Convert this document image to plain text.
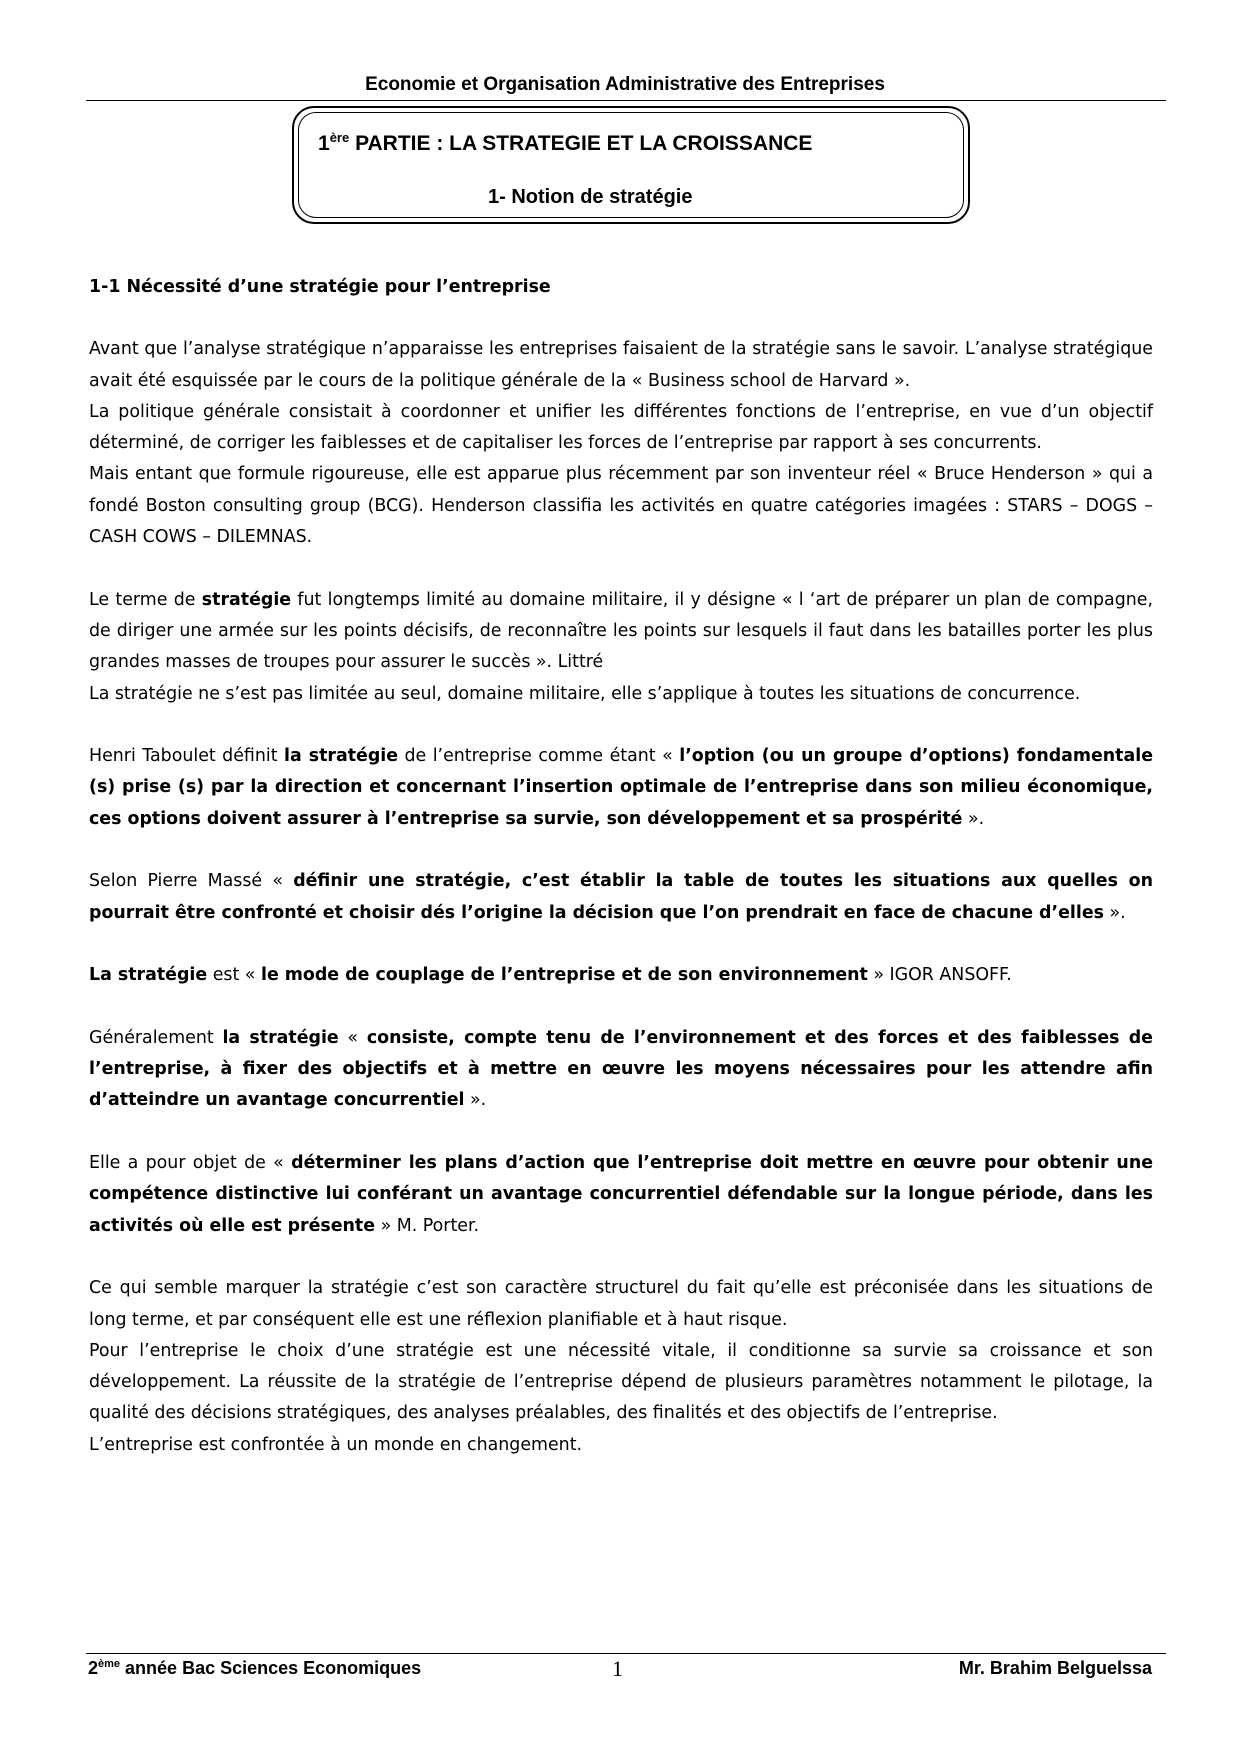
Economie et Organisation Administrative des Entreprises
1ère PARTIE : LA STRATEGIE ET LA CROISSANCE
1- Notion de stratégie
1-1 Nécessité d’une stratégie pour l’entreprise

Avant que l’analyse stratégique n’apparaisse les entreprises faisaient de la stratégie sans le savoir. L’analyse stratégique avait été esquissée par le cours de la politique générale de la « Business school de Harvard ».

La politique générale consistait à coordonner et unifier les différentes fonctions de l’entreprise, en vue d’un objectif déterminé, de corriger les faiblesses et de capitaliser les forces de l’entreprise par rapport à ses concurrents.

Mais entant que formule rigoureuse, elle est apparue plus récemment par son inventeur réel « Bruce Henderson » qui a fondé Boston consulting group (BCG). Henderson classifia les activités en quatre catégories imagées : STARS – DOGS – CASH COWS – DILEMNAS.

Le terme de stratégie fut longtemps limité au domaine militaire, il y désigne « l ‘art de préparer un plan de compagne, de diriger une armée sur les points décisifs, de reconnaître les points sur lesquels il faut dans les batailles porter les plus grandes masses de troupes pour assurer le succès ». Littré

La stratégie ne s’est pas limitée au seul, domaine militaire, elle s’applique à toutes les situations de concurrence.

Henri Taboulet définit la stratégie de l’entreprise comme étant « l’option (ou un groupe d’options) fondamentale (s) prise (s) par la direction et concernant l’insertion optimale de l’entreprise dans son milieu économique, ces options doivent assurer à l’entreprise sa survie, son développement et sa prospérité ».

Selon Pierre Massé « définir une stratégie, c’est établir la table de toutes les situations aux quelles on pourrait être confronté et choisir dés l’origine la décision que l’on prendrait en face de chacune d’elles ».

La stratégie est « le mode de couplage de l’entreprise et de son environnement » IGOR ANSOFF.

Généralement la stratégie « consiste, compte tenu de l’environnement et des forces et des faiblesses de l’entreprise, à fixer des objectifs et à mettre en œuvre les moyens nécessaires pour les attendre afin d’atteindre un avantage concurrentiel ».

Elle a pour objet de « déterminer les plans d’action que l’entreprise doit mettre en œuvre pour obtenir une compétence distinctive lui conférant un avantage concurrentiel défendable sur la longue période, dans les activités où elle est présente » M. Porter.

Ce qui semble marquer la stratégie c’est son caractère structurel du fait qu’elle est préconisée dans les situations de long terme, et par conséquent elle est une réflexion planifiable et à haut risque.

Pour l’entreprise le choix d’une stratégie est une nécessité vitale, il conditionne sa survie sa croissance et son développement. La réussite de la stratégie de l’entreprise dépend de plusieurs paramètres notamment le pilotage, la qualité des décisions stratégiques, des analyses préalables, des finalités et des objectifs de l’entreprise.

L’entreprise est confrontée à un monde en changement.

2ème année Bac Sciences Economiques	1	Mr. Brahim Belguelssa
